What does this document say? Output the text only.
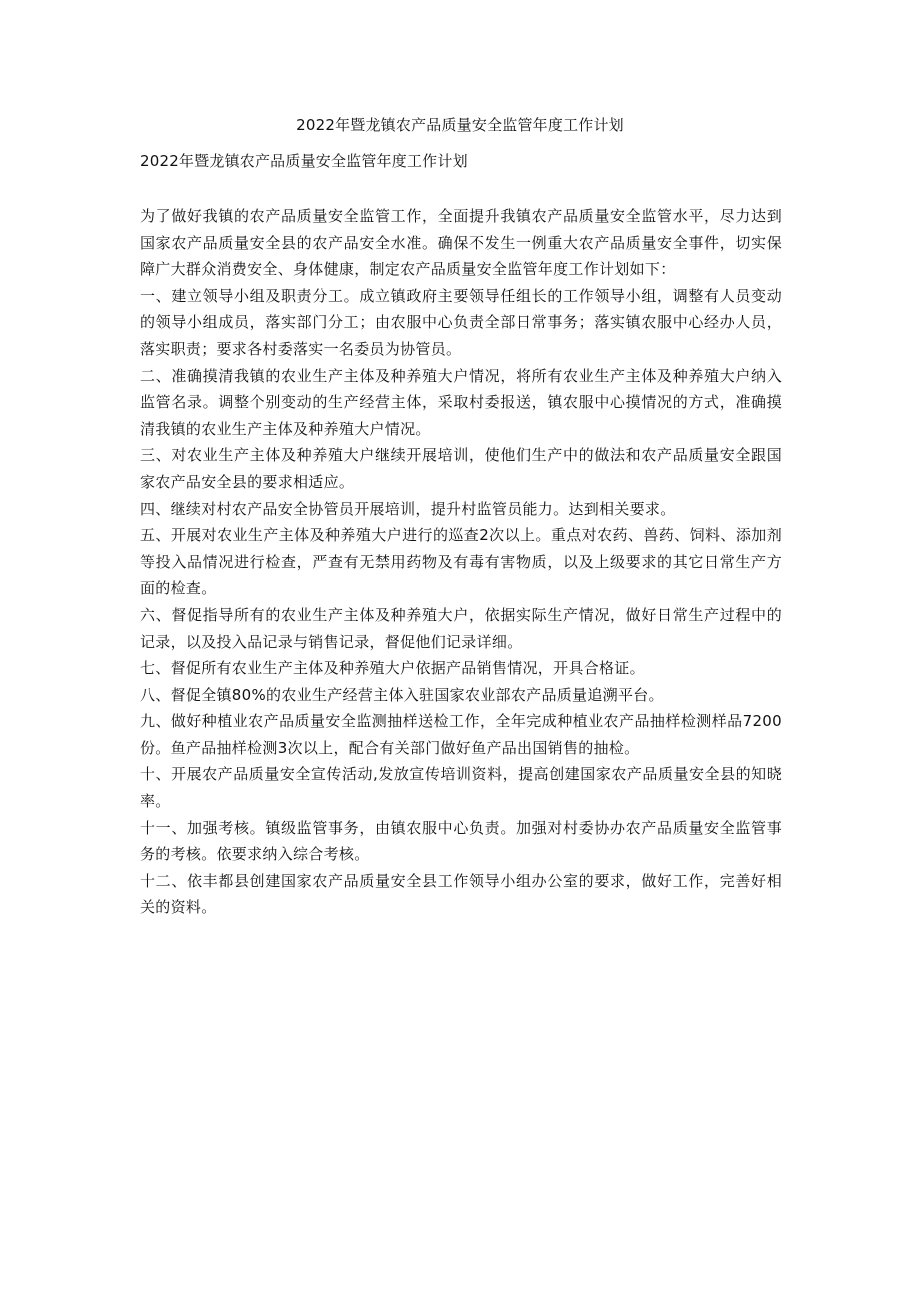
2022年暨龙镇农产品质量安全监管年度工作计划
2022年暨龙镇农产品质量安全监管年度工作计划

为了做好我镇的农产品质量安全监管工作，全面提升我镇农产品质量安全监管水平，尽力达到国家农产品质量安全县的农产品安全水准。确保不发生一例重大农产品质量安全事件，切实保障广大群众消费安全、身体健康，制定农产品质量安全监管年度工作计划如下：

一、建立领导小组及职责分工。成立镇政府主要领导任组长的工作领导小组，调整有人员变动的领导小组成员，落实部门分工；由农服中心负责全部日常事务；落实镇农服中心经办人员，落实职责；要求各村委落实一名委员为协管员。

二、准确摸清我镇的农业生产主体及种养殖大户情况，将所有农业生产主体及种养殖大户纳入监管名录。调整个别变动的生产经营主体，采取村委报送，镇农服中心摸情况的方式，准确摸清我镇的农业生产主体及种养殖大户情况。

三、对农业生产主体及种养殖大户继续开展培训，使他们生产中的做法和农产品质量安全跟国家农产品安全县的要求相适应。

四、继续对村农产品安全协管员开展培训，提升村监管员能力。达到相关要求。

五、开展对农业生产主体及种养殖大户进行的巡查2次以上。重点对农药、兽药、饲料、添加剂等投入品情况进行检查，严查有无禁用药物及有毒有害物质，以及上级要求的其它日常生产方面的检查。

六、督促指导所有的农业生产主体及种养殖大户，依据实际生产情况，做好日常生产过程中的记录，以及投入品记录与销售记录，督促他们记录详细。

七、督促所有农业生产主体及种养殖大户依据产品销售情况，开具合格证。

八、督促全镇80%的农业生产经营主体入驻国家农业部农产品质量追溯平台。

九、做好种植业农产品质量安全监测抽样送检工作，全年完成种植业农产品抽样检测样品7200份。鱼产品抽样检测3次以上，配合有关部门做好鱼产品出国销售的抽检。

十、开展农产品质量安全宣传活动,发放宣传培训资料，提高创建国家农产品质量安全县的知晓率。

十一、加强考核。镇级监管事务，由镇农服中心负责。加强对村委协办农产品质量安全监管事务的考核。依要求纳入综合考核。

十二、依丰都县创建国家农产品质量安全县工作领导小组办公室的要求，做好工作，完善好相关的资料。
